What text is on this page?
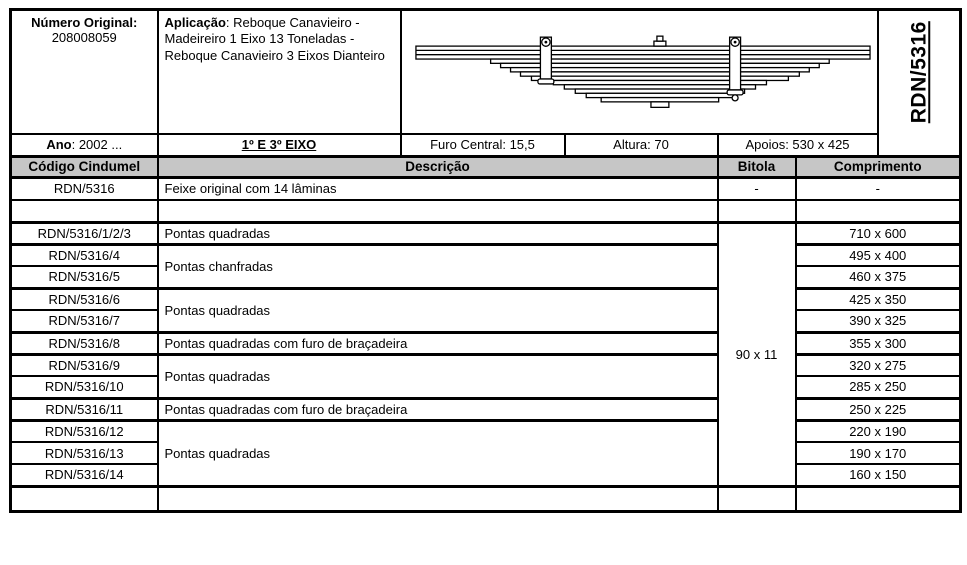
Número Original:
208008059	Aplicação: Reboque Canavieiro - Madeireiro 1 Eixo 13 Toneladas - Reboque Canavieiro 3 Eixos Dianteiro					RDN/5316

Ano: 2002 ...	1º E 3º EIXO	Furo Central: 15,5	Altura: 70	Apoios: 530 x 425		
Código Cindumel	Descrição			Bitola	Comprimento	
RDN/5316	Feixe original com 14 lâminas			-	-	

RDN/5316/1/2/3	Pontas quadradas			90 x 11	710 x 600	
RDN/5316/4	Pontas chanfradas				495 x 400	
RDN/5316/5					460 x 375	
RDN/5316/6	Pontas quadradas				425 x 350	
RDN/5316/7					390 x 325	
RDN/5316/8	Pontas quadradas com furo de braçadeira				355 x 300	
RDN/5316/9	Pontas quadradas				320 x 275	
RDN/5316/10					285 x 250	
RDN/5316/11	Pontas quadradas com furo de braçadeira				250 x 225	
RDN/5316/12	Pontas quadradas				220 x 190	
RDN/5316/13					190 x 170	
RDN/5316/14					160 x 150	
